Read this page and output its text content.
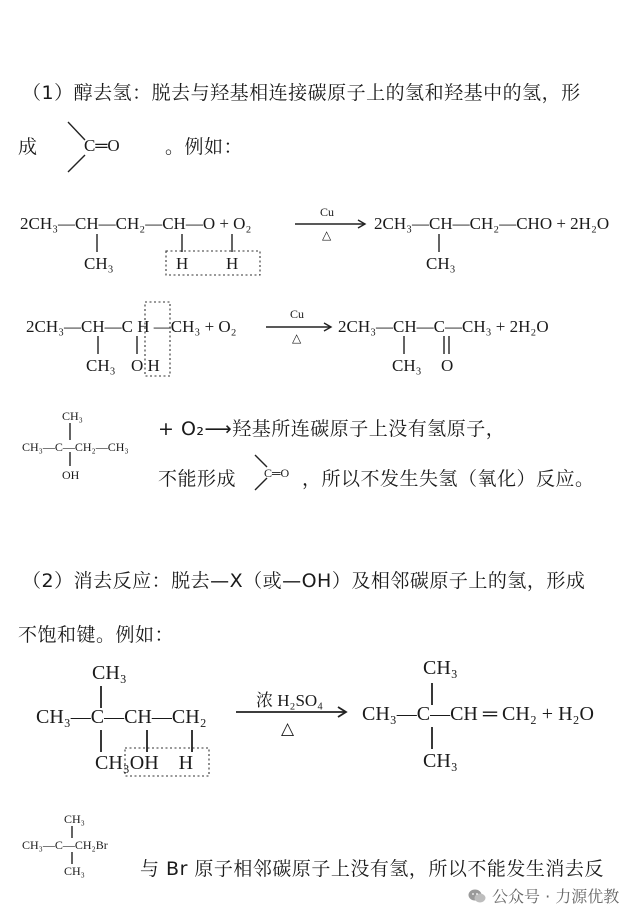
（1）醇去氢：脱去与羟基相连接碳原子上的氢和羟基中的氢，形
成	C═O 。例如：
2CH₃—CH—CH₂—CH—O + O₂
CH₃	H H
Cu
△
2CH₃—CH—CH₂—CHO + 2H₂O
CH₃
2CH₃—CH—C H —CH₃ + O₂
CH₃ O H
Cu
△
2CH₃—CH—C—CH₃ + 2H₂O
CH₃ O
CH₃
CH₃—C—CH₂—CH₃
OH
+ O₂⟶羟基所连碳原子上没有氢原子，
不能形成 C═O ，所以不发生失氢（氧化）反应。
（2）消去反应：脱去—X（或—OH）及相邻碳原子上的氢，形成
不饱和键。例如：
CH₃
CH₃—C—CH—CH₂
CH₃OH    H
浓 H₂SO₄
△
CH₃
CH₃—C—CH ═ CH₂ + H₂O
CH₃
CH₃
CH₃—C—CH₂Br
CH₃	与 Br 原子相邻碳原子上没有氢，所以不能发生消去反
公众号 · 力源优教
